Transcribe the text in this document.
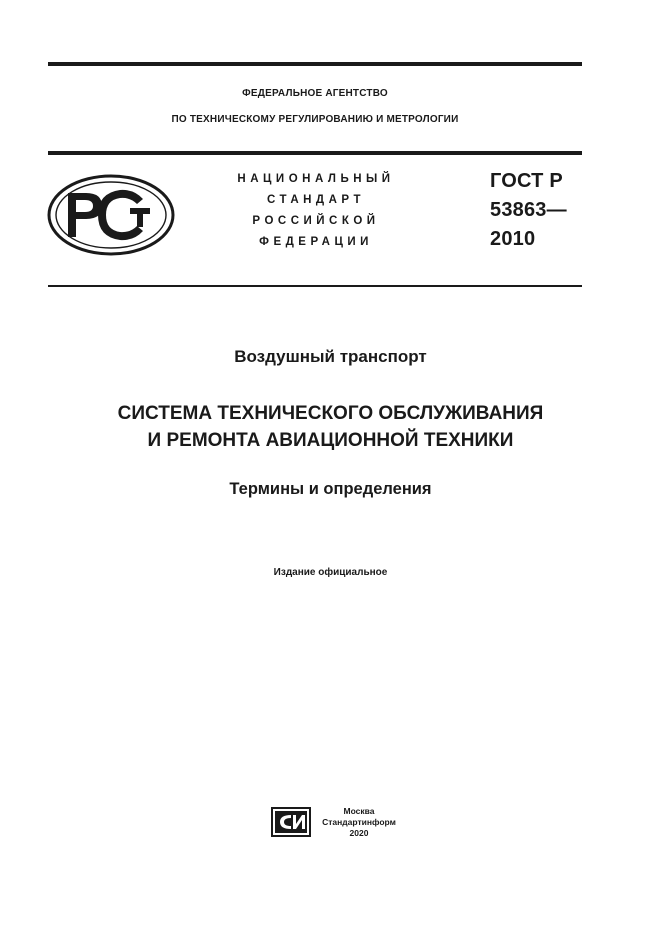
ФЕДЕРАЛЬНОЕ АГЕНТСТВО
ПО ТЕХНИЧЕСКОМУ РЕГУЛИРОВАНИЮ И МЕТРОЛОГИИ
НАЦИОНАЛЬНЫЙ
СТАНДАРТ
РОССИЙСКОЙ
ФЕДЕРАЦИИ
ГОСТ Р
53863—
2010
Воздушный транспорт
СИСТЕМА ТЕХНИЧЕСКОГО ОБСЛУЖИВАНИЯ
И РЕМОНТА АВИАЦИОННОЙ ТЕХНИКИ
Термины и определения
Издание официальное
Москва
Стандартинформ
2020
